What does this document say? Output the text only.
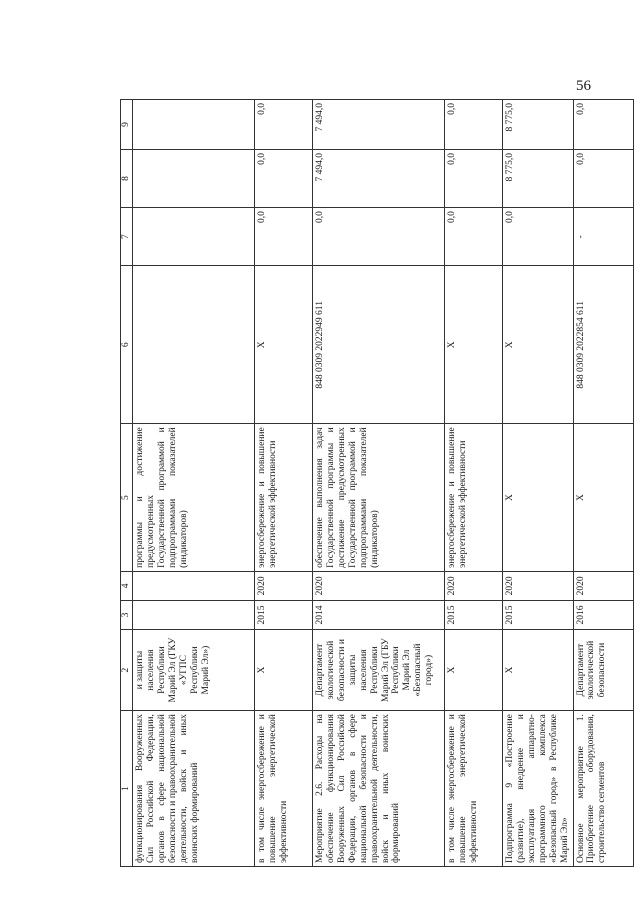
56
1	2	3	4	5	6	7	8	9
функционирования Вооруженных Сил Российской Федерации, органов в сфере национальной безопасности и правоохранительной деятельности, войск и иных воинских формирований	и защиты населения Республики Марий Эл (ГКУ «УГПС Республики Марий Эл»)			программы и достижение предусмотренных Государственной программой и подпрограммами показателей (индикаторов)				
в том числе энергосбережение и повышение энергетической эффективности	X	2015	2020	энергосбережение и повышение энергетической эффективности	X	0,0	0,0	0,0
Мероприятие 2.6. Расходы на обеспечение функционирования Вооруженных Сил Российской Федерации, органов в сфере национальной безопасности и правоохранительной деятельности, войск и иных воинских формирований	Департамент экологической безопасности и защиты населения Республики Марий Эл (ГБУ Республики Марий Эл «Безопасный город»)	2014	2020	обеспечение выполнения задач Государственной программы и достижение предусмотренных Государственной программой и подпрограммами показателей (индикаторов)	848 0309 2022949 611	0,0	7 494,0	7 494,0
в том числе энергосбережение и повышение энергетической эффективности	X	2015	2020	энергосбережение и повышение энергетической эффективности	X	0,0	0,0	0,0
Подпрограмма 9 «Построение (развитие), внедрение и эксплуатация аппаратно-программного комплекса «Безопасный город» в Республике Марий Эл»	X	2015	2020	X	X	0,0	8 775,0	8 775,0
Основное мероприятие 1. Приобретение оборудования, строительство сегментов	Департамент экологической безопасности	2016	2020	X	848 0309 2022854 611	-	0,0	0,0
